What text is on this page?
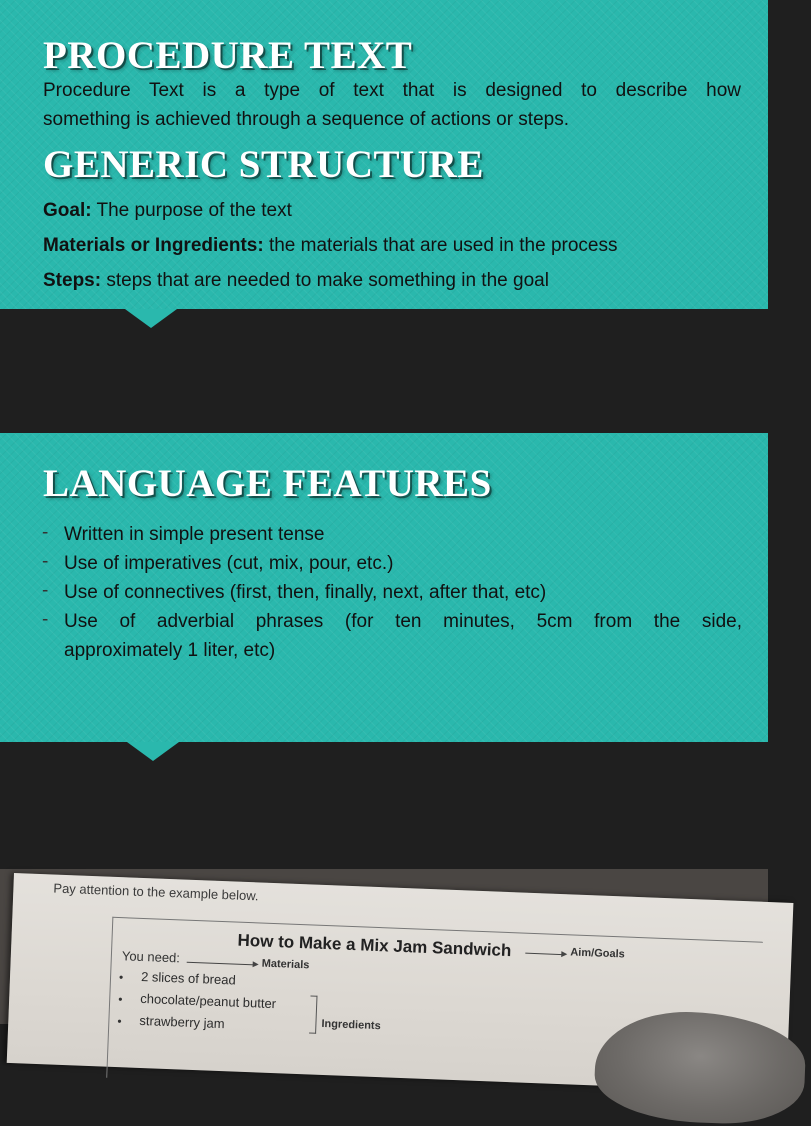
PROCEDURE TEXT

Procedure Text is a type of text that is designed to describe how
something is achieved through a sequence of actions or steps.

GENERIC STRUCTURE

Goal: The purpose of the text

Materials or Ingredients: the materials that are used in the process

Steps: steps that are needed to make something in the goal

LANGUAGE FEATURES
- Written in simple present tense
- Use of imperatives (cut, mix, pour, etc.)
- Use of connectives (first, then, finally, next, after that, etc)
- Use of adverbial phrases (for ten minutes, 5cm from the side,
approximately 1 liter, etc)
Pay attention to the example below.
How to Make a Mix Jam Sandwich	Aim/Goals
You need:	Materials
•
•
•
2 slices of bread
chocolate/peanut butter
strawberry jam	Ingredients
